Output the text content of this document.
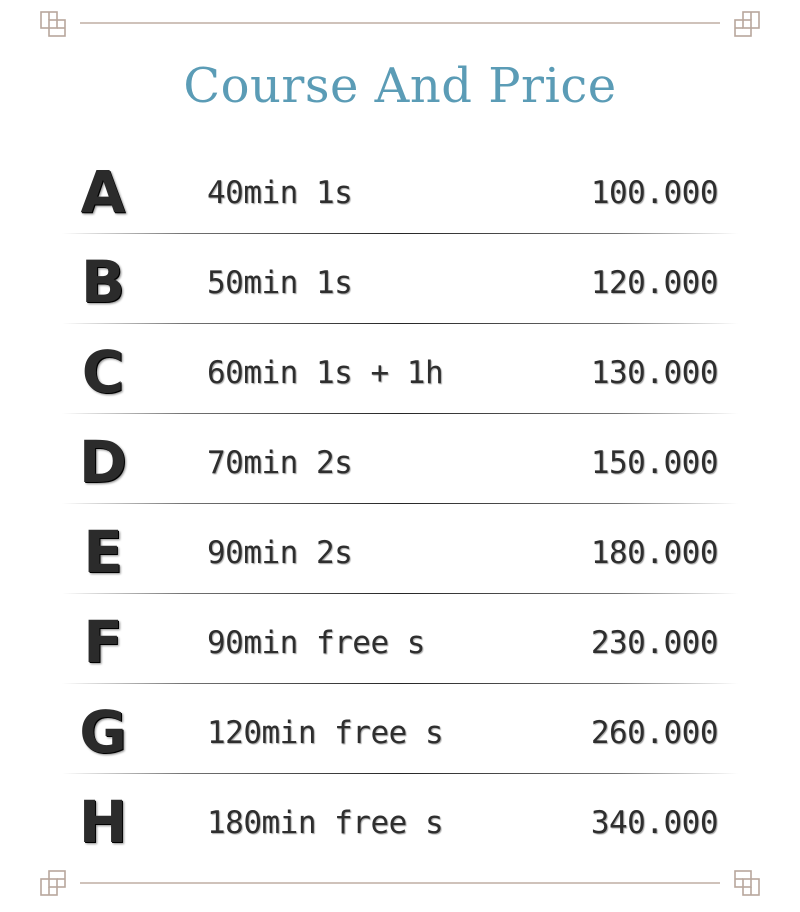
Course And Price
A	40min 1s	100.000
B	50min 1s	120.000
C	60min 1s + 1h	130.000
D	70min 2s	150.000
E	90min 2s	180.000
F	90min free s	230.000
G	120min free s	260.000
H	180min free s	340.000
